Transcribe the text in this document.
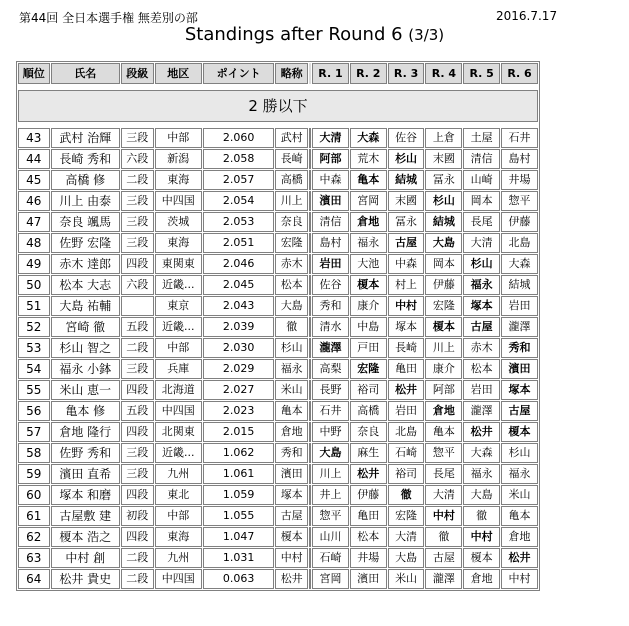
第44回 全日本選手権 無差別の部	2016.7.17
Standings after Round 6 (3/3)
順位	氏名	段級	地区	ポイント	略称		R. 1	R. 2	R. 3	R. 4	R. 5	R. 6

2 勝以下												

43	武村 治輝	三段	中部	2.060	武村		大清	大森	佐谷	上倉	土屋	石井
44	長崎 秀和	六段	新潟	2.058	長崎		阿部	荒木	杉山	末國	清信	島村
45	高橋 修	二段	東海	2.057	高橋		中森	亀本	結城	冨永	山崎	井場
46	川上 由泰	三段	中四国	2.054	川上		濱田	宮岡	末國	杉山	岡本	惣平
47	奈良 颯馬	三段	茨城	2.053	奈良		清信	倉地	冨永	結城	長尾	伊藤
48	佐野 宏隆	三段	東海	2.051	宏隆		島村	福永	古屋	大島	大清	北島
49	赤木 達郎	四段	東関東	2.046	赤木		岩田	大池	中森	岡本	杉山	大森
50	松本 大志	六段	近畿...	2.045	松本		佐谷	榎本	村上	伊藤	福永	結城
51	大島 祐輔		東京	2.043	大島		秀和	康介	中村	宏隆	塚本	岩田
52	宮崎 徹	五段	近畿...	2.039	徹		清水	中島	塚本	榎本	古屋	瀧澤
53	杉山 智之	二段	中部	2.030	杉山		瀧澤	戸田	長崎	川上	赤木	秀和
54	福永 小鉢	三段	兵庫	2.029	福永		高梨	宏隆	亀田	康介	松本	濱田
55	米山 恵一	四段	北海道	2.027	米山		長野	裕司	松井	阿部	岩田	塚本
56	亀本 修	五段	中四国	2.023	亀本		石井	高橋	岩田	倉地	瀧澤	古屋
57	倉地 隆行	四段	北関東	2.015	倉地		中野	奈良	北島	亀本	松井	榎本
58	佐野 秀和	三段	近畿...	1.062	秀和		大島	麻生	石崎	惣平	大森	杉山
59	濱田 直希	三段	九州	1.061	濱田		川上	松井	裕司	長尾	福永	福永
60	塚本 和磨	四段	東北	1.059	塚本		井上	伊藤	徹	大清	大島	米山
61	古屋敷 建	初段	中部	1.055	古屋		惣平	亀田	宏隆	中村	徹	亀本
62	榎本 浩之	四段	東海	1.047	榎本		山川	松本	大清	徹	中村	倉地
63	中村 創	二段	九州	1.031	中村		石崎	井場	大島	古屋	榎本	松井
64	松井 貴史	二段	中四国	0.063	松井		宮岡	濱田	米山	瀧澤	倉地	中村
